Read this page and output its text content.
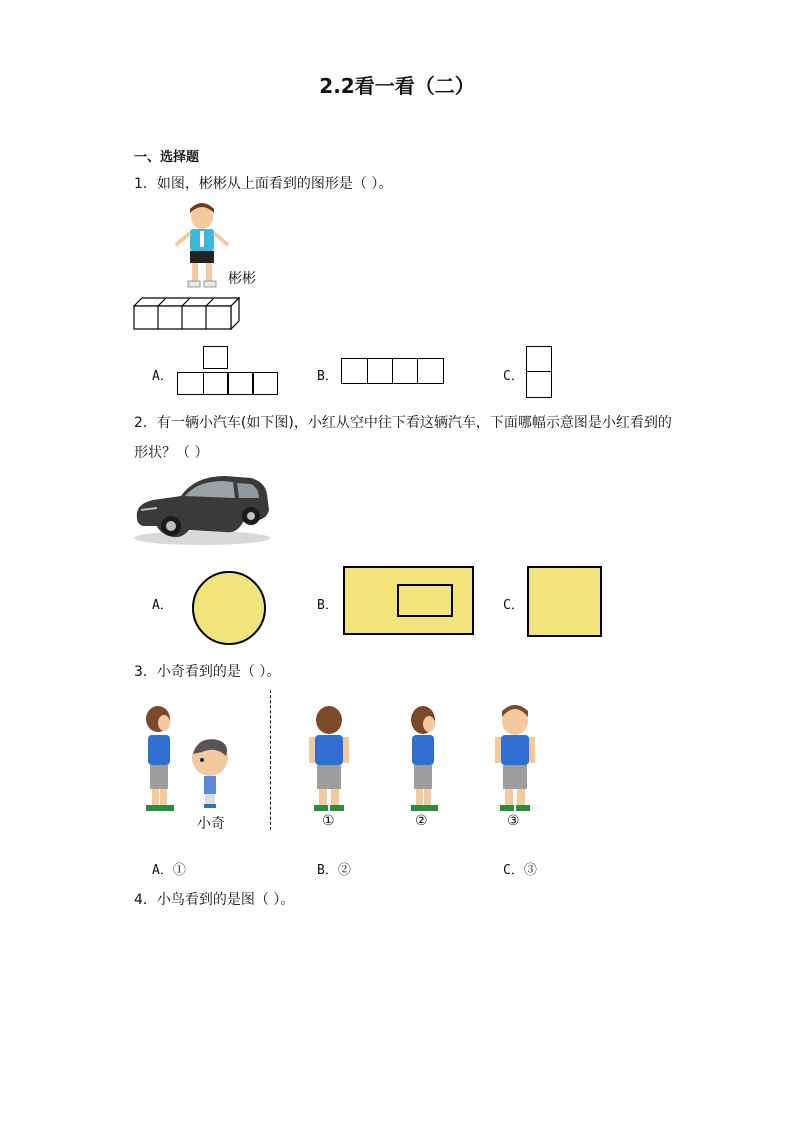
2.2看一看（二）
一、选择题
1．如图，彬彬从上面看到的图形是（ ）。
彬彬
A．	B．	C．
2．有一辆小汽车(如下图)，小红从空中往下看这辆汽车，下面哪幅示意图是小红看到的
形状？（ ）
A．	B．	C．
3．小奇看到的是（ ）。
小奇	①	②	③
A．①	B．②	C．③
4．小鸟看到的是图（ ）。
